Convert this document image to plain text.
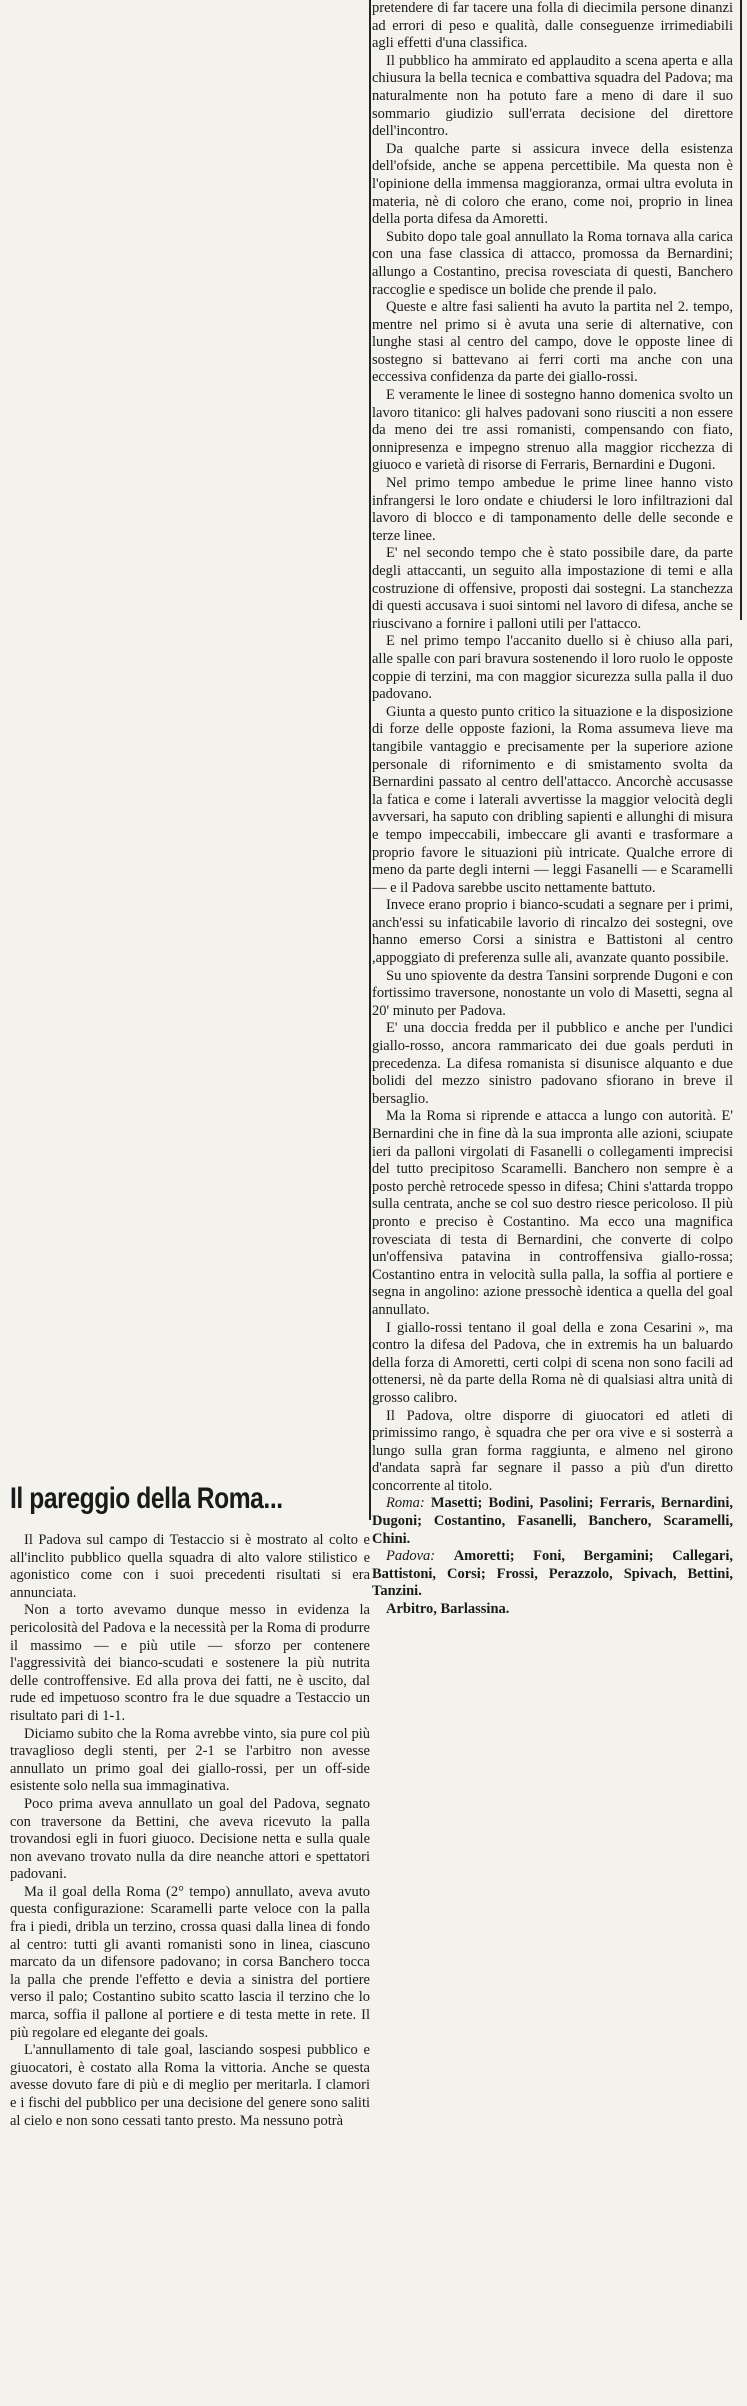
pretendere di far tacere una folla di diecimila persone dinanzi ad errori di peso e qualità, dalle conseguenze irrimediabili agli effetti d'una classifica.

Il pubblico ha ammirato ed applaudito a scena aperta e alla chiusura la bella tecnica e combattiva squadra del Padova; ma naturalmente non ha potuto fare a meno di dare il suo sommario giudizio sull'errata decisione del direttore dell'incontro.

Da qualche parte si assicura invece della esistenza dell'ofside, anche se appena percettibile. Ma questa non è l'opinione della immensa maggioranza, ormai ultra evoluta in materia, nè di coloro che erano, come noi, proprio in linea della porta difesa da Amoretti.

Subito dopo tale goal annullato la Roma tornava alla carica con una fase classica di attacco, promossa da Bernardini; allungo a Costantino, precisa rovesciata di questi, Banchero raccoglie e spedisce un bolide che prende il palo.

Queste e altre fasi salienti ha avuto la partita nel 2. tempo, mentre nel primo si è avuta una serie di alternative, con lunghe stasi al centro del campo, dove le opposte linee di sostegno si battevano ai ferri corti ma anche con una eccessiva confidenza da parte dei giallo-rossi.

E veramente le linee di sostegno hanno domenica svolto un lavoro titanico: gli halves padovani sono riusciti a non essere da meno dei tre assi romanisti, compensando con fiato, onnipresenza e impegno strenuo alla maggior ricchezza di giuoco e varietà di risorse di Ferraris, Bernardini e Dugoni.

Nel primo tempo ambedue le prime linee hanno visto infrangersi le loro ondate e chiudersi le loro infiltrazioni dal lavoro di blocco e di tamponamento delle delle seconde e terze linee.

E' nel secondo tempo che è stato possibile dare, da parte degli attaccanti, un seguito alla impostazione di temi e alla costruzione di offensive, proposti dai sostegni. La stanchezza di questi accusava i suoi sintomi nel lavoro di difesa, anche se riuscivano a fornire i palloni utili per l'attacco.

E nel primo tempo l'accanito duello si è chiuso alla pari, alle spalle con pari bravura sostenendo il loro ruolo le opposte coppie di terzini, ma con maggior sicurezza sulla palla il duo padovano.

Giunta a questo punto critico la situazione e la disposizione di forze delle opposte fazioni, la Roma assumeva lieve ma tangibile vantaggio e precisamente per la superiore azione personale di rifornimento e di smistamento svolta da Bernardini passato al centro dell'attacco. Ancorchè accusasse la fatica e come i laterali avvertisse la maggior velocità degli avversari, ha saputo con dribling sapienti e allunghi di misura e tempo impeccabili, imbeccare gli avanti e trasformare a proprio favore le situazioni più intricate. Qualche errore di meno da parte degli interni — leggi Fasanelli — e Scaramelli — e il Padova sarebbe uscito nettamente battuto.

Invece erano proprio i bianco-scudati a segnare per i primi, anch'essi su infaticabile lavorio di rincalzo dei sostegni, ove hanno emerso Corsi a sinistra e Battistoni al centro ,appoggiato di preferenza sulle ali, avanzate quanto possibile.

Su uno spiovente da destra Tansini sorprende Dugoni e con fortissimo traversone, nonostante un volo di Masetti, segna al 20' minuto per Padova.

E' una doccia fredda per il pubblico e anche per l'undici giallo-rosso, ancora rammaricato dei due goals perduti in precedenza. La difesa romanista si disunisce alquanto e due bolidi del mezzo sinistro padovano sfiorano in breve il bersaglio.

Ma la Roma si riprende e attacca a lungo con autorità. E' Bernardini che in fine dà la sua impronta alle azioni, sciupate ieri da palloni virgolati di Fasanelli o collegamenti imprecisi del tutto precipitoso Scaramelli. Banchero non sempre è a posto perchè retrocede spesso in difesa; Chini s'attarda troppo sulla centrata, anche se col suo destro riesce pericoloso. Il più pronto e preciso è Costantino. Ma ecco una magnifica rovesciata di testa di Bernardini, che converte di colpo un'offensiva patavina in controffensiva giallo-rossa; Costantino entra in velocità sulla palla, la soffia al portiere e segna in angolino: azione pressochè identica a quella del goal annullato.

I giallo-rossi tentano il goal della e zona Cesarini », ma contro la difesa del Padova, che in extremis ha un baluardo della forza di Amoretti, certi colpi di scena non sono facili ad ottenersi, nè da parte della Roma nè di qualsiasi altra unità di grosso calibro.

Il Padova, oltre disporre di giuocatori ed atleti di primissimo rango, è squadra che per ora vive e si sosterrà a lungo sulla gran forma raggiunta, e almeno nel girono d'andata saprà far segnare il passo a più d'un diretto concorrente al titolo.

Roma: Masetti; Bodini, Pasolini; Ferraris, Bernardini, Dugoni; Costantino, Fasanelli, Banchero, Scaramelli, Chini.

Padova: Amoretti; Foni, Bergamini; Callegari, Battistoni, Corsi; Frossi, Perazzolo, Spivach, Bettini, Tanzini.

Arbitro, Barlassina.

Il pareggio della Roma...

Il Padova sul campo di Testaccio si è mostrato al colto e all'inclito pubblico quella squadra di alto valore stilistico e agonistico come con i suoi precedenti risultati si era annunciata.

Non a torto avevamo dunque messo in evidenza la pericolosità del Padova e la necessità per la Roma di produrre il massimo — e più utile — sforzo per contenere l'aggressività dei bianco-scudati e sostenere la più nutrita delle controffensive. Ed alla prova dei fatti, ne è uscito, dal rude ed impetuoso scontro fra le due squadre a Testaccio un risultato pari di 1-1.

Diciamo subito che la Roma avrebbe vinto, sia pure col più travaglioso degli stenti, per 2-1 se l'arbitro non avesse annullato un primo goal dei giallo-rossi, per un off-side esistente solo nella sua immaginativa.

Poco prima aveva annullato un goal del Padova, segnato con traversone da Bettini, che aveva ricevuto la palla trovandosi egli in fuori giuoco. Decisione netta e sulla quale non avevano trovato nulla da dire neanche attori e spettatori padovani.

Ma il goal della Roma (2° tempo) annullato, aveva avuto questa configurazione: Scaramelli parte veloce con la palla fra i piedi, dribla un terzino, crossa quasi dalla linea di fondo al centro: tutti gli avanti romanisti sono in linea, ciascuno marcato da un difensore padovano; in corsa Banchero tocca la palla che prende l'effetto e devia a sinistra del portiere verso il palo; Costantino subito scatto lascia il terzino che lo marca, soffia il pallone al portiere e di testa mette in rete. Il più regolare ed elegante dei goals.

L'annullamento di tale goal, lasciando sospesi pubblico e giuocatori, è costato alla Roma la vittoria. Anche se questa avesse dovuto fare di più e di meglio per meritarla. I clamori e i fischi del pubblico per una decisione del genere sono saliti al cielo e non sono cessati tanto presto. Ma nessuno potrà
